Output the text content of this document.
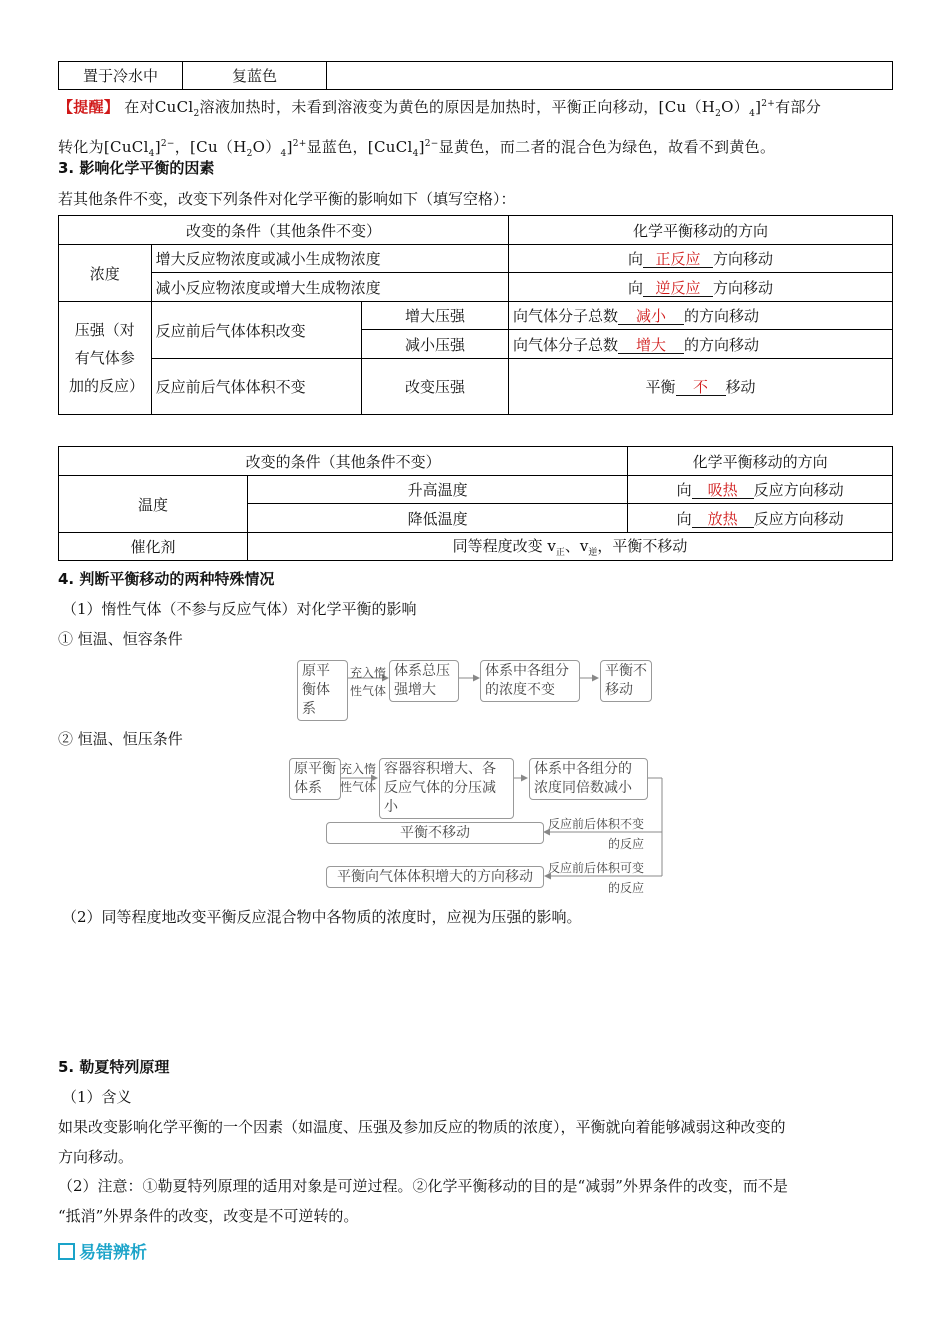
置于冷水中	复蓝色	
【提醒】 在对CuCl$_2$溶液加热时，未看到溶液变为黄色的原因是加热时，平衡正向移动，$[Cu(H_2O)_4]^{2+}$有部分
转化为[CuCl$_4$]$^{2-}$，$[Cu(H_2O)_4]^{2+}$显蓝色，[CuCl$_4$]$^{2-}$显黄色，而二者的混合色为绿色，故看不到黄色。
3. 影响化学平衡的因素
若其他条件不变，改变下列条件对化学平衡的影响如下（填写空格）：
改变的条件（其他条件不变）			化学平衡移动的方向
浓度	增大反应物浓度或减小生成物浓度		向 正反应 方向移动
	减小反应物浓度或增大生成物浓度		向 逆反应 方向移动
压强（对有气体参加的反应）	反应前后气体体积改变	增大压强	向气体分子总数 减小 的方向移动
		减小压强	向气体分子总数 增大 的方向移动
	反应前后气体体积不变	改变压强	平衡 不 移动
改变的条件（其他条件不变）		化学平衡移动的方向
温度	升高温度	向 吸热 反应方向移动
	降低温度	向 放热 反应方向移动
催化剂	同等程度改变 $v_正$、$v_逆$，平衡不移动	
4. 判断平衡移动的两种特殊情况
（1）惰性气体（不参与反应气体）对化学平衡的影响
① 恒温、恒容条件
原平衡体系
充入惰性气体
体系总压强增大
体系中各组分的浓度不变
平衡不移动
② 恒温、恒压条件
原平衡体系
充入惰性气体
容器容积增大、各反应气体的分压减小
体系中各组分的浓度同倍数减小
平衡不移动
反应前后体积不变的反应
平衡向气体体积增大的方向移动
反应前后体积可变的反应
（2）同等程度地改变平衡反应混合物中各物质的浓度时，应视为压强的影响。
5. 勒夏特列原理
（1）含义
如果改变影响化学平衡的一个因素（如温度、压强及参加反应的物质的浓度），平衡就向着能够减弱这种改变的
方向移动。
（2）注意：①勒夏特列原理的适用对象是可逆过程。②化学平衡移动的目的是“减弱”外界条件的改变，而不是
“抵消”外界条件的改变，改变是不可逆转的。
易错辨析
